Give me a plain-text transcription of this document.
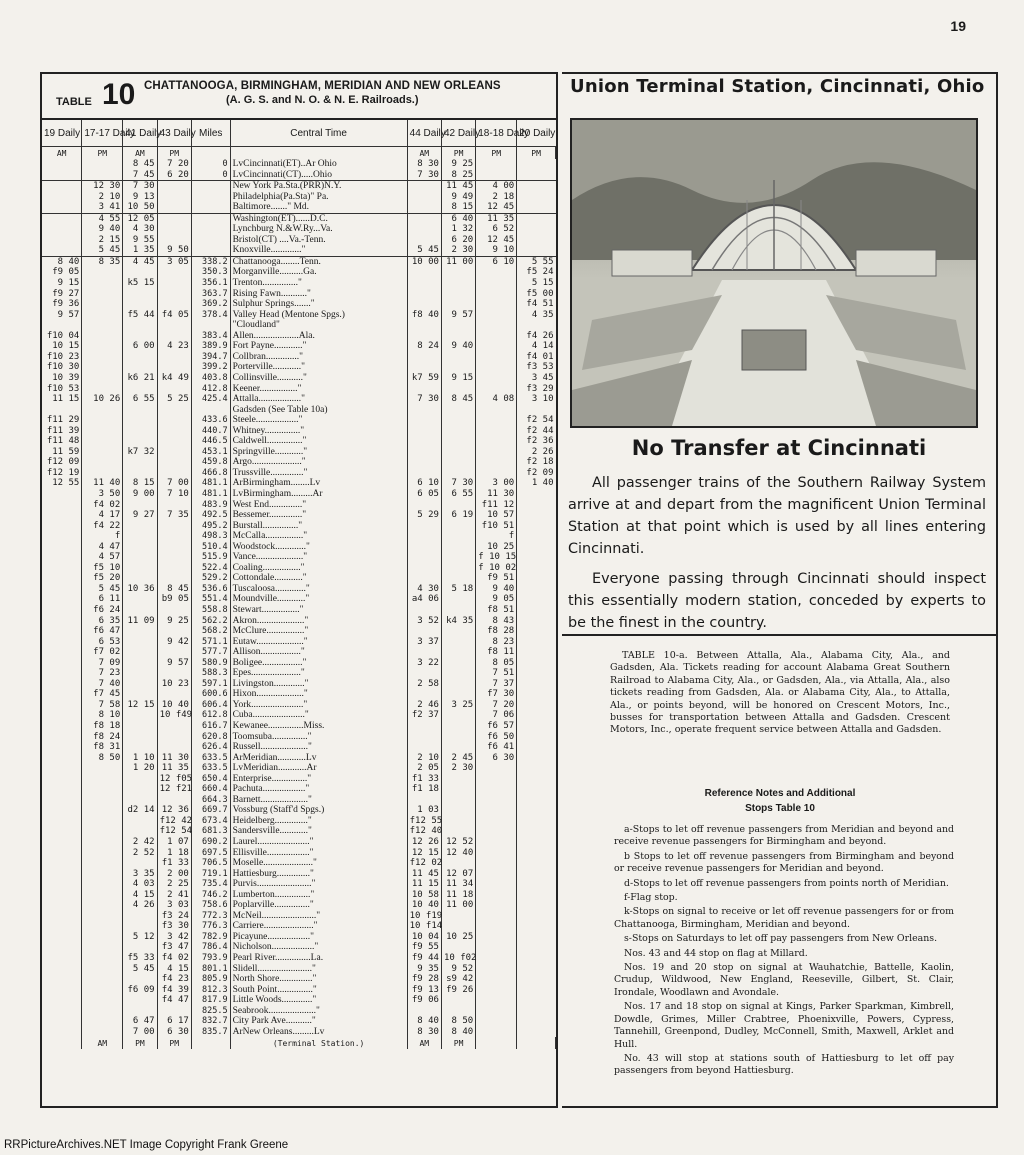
19
TABLE 10 CHATTANOOGA, BIRMINGHAM, MERIDIAN AND NEW ORLEANS
(A. G. S. and N. O. & N. E. Railroads.)
19 Daily	17-17 Daily	41 Daily	43 Daily	Miles	Central Time	44 Daily	42 Daily	18-18 Daily	20 Daily
AM	PM	AM	PM			AM	PM	PM	PM
		8 45	7 20	0	LvCincinnati(ET)..Ar Ohio	8 30	9 25		
		7 45	6 20	0	LvCincinnati(CT).....Ohio	7 30	8 25		
	12 30	7 30			New York Pa.Sta.(PRR)N.Y.		11 45	4 00	
	2 10	9 13			Philadelphia(Pa.Sta)" Pa.		9 49	2 18	
	3 41	10 50			Baltimore......." Md.		8 15	12 45	
	4 55	12 05			Washington(ET)......D.C.		6 40	11 35	
	9 40	4 30			Lynchburg N.&W.Ry...Va.		1 32	6 52	
	2 15	9 55			Bristol(CT) ....Va.-Tenn.		6 20	12 45	
	5 45	1 35	9 50		Knoxville............."	5 45	2 30	9 10	
8 40	8 35	4 45	3 05	338.2	Chattanooga........Tenn.	10 00	11 00	6 10	5 55
f9 05				350.3	Morganville..........Ga.				f5 24
9 15		k5 15		356.1	Trenton..............."				5 15
f9 27				363.7	Rising Fawn..........."				f5 00
f9 36				369.2	Sulphur Springs......."				f4 51
9 57		f5 44	f4 05	378.4	Valley Head (Mentone Spgs.)	f8 40	9 57		4 35
					"Cloudland"				
f10 04				383.4	Allen...................Ala.				f4 26
10 15		6 00	4 23	389.9	Fort Payne............"	8 24	9 40		4 14
f10 23				394.7	Collbran.............."				f4 01
f10 30				399.2	Porterville............"				f3 53
10 39		k6 21	k4 49	403.8	Collinsville..........."	k7 59	9 15		3 45
f10 53				412.8	Keener................"				f3 29
11 15	10 26	6 55	5 25	425.4	Attalla.................."	7 30	8 45	4 08	3 10
					Gadsden (See Table 10a)				
f11 29				433.6	Steele.................."				f2 54
f11 39				440.7	Whitney..............."				f2 44
f11 48				446.5	Caldwell..............."				f2 36
11 59		k7 32		453.1	Springville............"				2 26
f12 09				459.8	Argo....................."				f2 18
f12 19				466.8	Trussville.............."				f2 09
12 55	11 40	8 15	7 00	481.1	ArBirmingham........Lv	6 10	7 30	3 00	1 40
	3 50	9 00	7 10	481.1	LvBirmingham.........Ar	6 05	6 55	11 30	
	f4 02			483.9	West End.............."			f11 12	
	4 17	9 27	7 35	492.5	Bessemer.............."	5 29	6 19	10 57	
	f4 22			495.2	Burstall..............."			f10 51	
	f			498.3	McCalla................"			f	
	4 47			510.4	Woodstock............."			10 25	
	4 57			515.9	Vance...................."			f 10 15	
	f5 10			522.4	Coaling................"			f 10 02	
	f5 20			529.2	Cottondale............"			f9 51	
	5 45	10 36	8 45	536.6	Tuscaloosa............."	4 30	5 18	9 40	
	6 11		b9 05	551.4	Moundville............"	a4 06		9 05	
	f6 24			558.8	Stewart................"			f8 51	
	6 35	11 09	9 25	562.2	Akron...................."	3 52	k4 35	8 43	
	f6 47			568.2	McClure................"			f8 28	
	6 53		9 42	571.1	Eutaw...................."	3 37		8 23	
	f7 02			577.7	Allison................."			f8 11	
	7 09		9 57	580.9	Boligee................."	3 22		8 05	
	7 23			588.3	Epes....................."			7 51	
	7 40		10 23	597.1	Livingston............."	2 58		7 37	
	f7 45			600.6	Hixon...................."			f7 30	
	7 58	12 15	10 40	606.4	York......................"	2 46	3 25	7 20	
	8 10		10 f49	612.8	Cuba......................"	f2 37		7 06	
	f8 18			616.7	Kewanee...............Miss.			f6 57	
	f8 24			620.8	Toomsuba..............."			f6 50	
	f8 31			626.4	Russell...................."			f6 41	
	8 50	1 10	11 30	633.5	ArMeridian............Lv	2 10	2 45	6 30	
		1 20	11 35	633.5	LvMeridian............Ar	2 05	2 30		
			12 f05	650.4	Enterprise..............."	f1 33			
			12 f21	660.4	Pachuta.................."	f1 18			
				664.3	Barnett...................."				
		d2 14	12 36	669.7	Vossburg (Staff'd Spgs.)	1 03			
			f12 42	673.4	Heidelberg.............."	f12 55			
			f12 54	681.3	Sandersville............"	f12 40			
		2 42	1 07	690.2	Laurel......................"	12 26	12 52		
		2 52	1 18	697.5	Ellisville.................."	12 15	12 40		
			f1 33	706.5	Moselle....................."	f12 02			
		3 35	2 00	719.1	Hattiesburg.............."	11 45	12 07		
		4 03	2 25	735.4	Purvis......................."	11 15	11 34		
		4 15	2 41	746.2	Lumberton..............."	10 58	11 18		
		4 26	3 03	758.6	Poplarville..............."	10 40	11 00		
			f3 24	772.3	McNeil......................."	10 f19			
			f3 30	776.3	Carriere....................."	10 f14			
		5 12	3 42	782.9	Picayune.................."	10 04	10 25		
			f3 47	786.4	Nicholson.................."	f9 55			
		f5 33	f4 02	793.9	Pearl River...............La.	f9 44	10 f02		
		5 45	4 15	801.1	Slidell......................."	9 35	9 52		
			f4 23	805.9	North Shore.............."	f9 28	s9 42		
		f6 09	f4 39	812.3	South Point..............."	f9 13	f9 26		
			f4 47	817.9	Little Woods............."	f9 06			
				825.5	Seabrook...................."				
		6 47	6 17	832.7	City Park Ave..........."	8 40	8 50		
		7 00	6 30	835.7	ArNew Orleans.........Lv	8 30	8 40		
	AM	PM	PM		(Terminal Station.)	AM	PM		
Union Terminal Station, Cincinnati, Ohio
No Transfer at Cincinnati
All passenger trains of the Southern Railway System arrive at and depart from the magnificent Union Terminal Station at that point which is used by all lines entering Cincinnati.
Everyone passing through Cincinnati should inspect this essentially modern station, conceded by experts to be the finest in the country.
TABLE 10-a. Between Attalla, Ala., Alabama City, Ala., and Gadsden, Ala. Tickets reading for account Alabama Great Southern Railroad to Alabama City, Ala., or Gadsden, Ala., via Attalla, Ala., also tickets reading from Gadsden, Ala. or Alabama City, Ala., to Attalla, Ala., or points beyond, will be honored on Crescent Motors, Inc., busses for transportation between Attalla and Gadsden. Crescent Motors, Inc., operate frequent service between Attalla and Gadsden.
Reference Notes and Additional
Stops Table 10

a-Stops to let off revenue passengers from Meridian and beyond and receive revenue passengers for Birmingham and beyond.

b Stops to let off revenue passengers from Birmingham and beyond or receive revenue passengers for Meridian and beyond.

d-Stops to let off revenue passengers from points north of Meridian.

f-Flag stop.

k-Stops on signal to receive or let off revenue passengers for or from Chattanooga, Birmingham, Meridian and beyond.

s-Stops on Saturdays to let off pay passengers from New Orleans.

Nos. 43 and 44 stop on flag at Millard.

Nos. 19 and 20 stop on signal at Wauhatchie, Battelle, Kaolin, Crudup, Wildwood, New England, Reeseville, Gilbert, St. Clair, Irondale, Woodlawn and Avondale.

Nos. 17 and 18 stop on signal at Kings, Parker Sparkman, Kimbrell, Dowdle, Grimes, Miller Crabtree, Phoenixville, Powers, Cypress, Tannehill, Greenpond, Dudley, McConnell, Smith, Maxwell, Arklet and Hull.

No. 43 will stop at stations south of Hattiesburg to let off pay passengers from beyond Hattiesburg.

RRPictureArchives.NET Image Copyright Frank Greene
